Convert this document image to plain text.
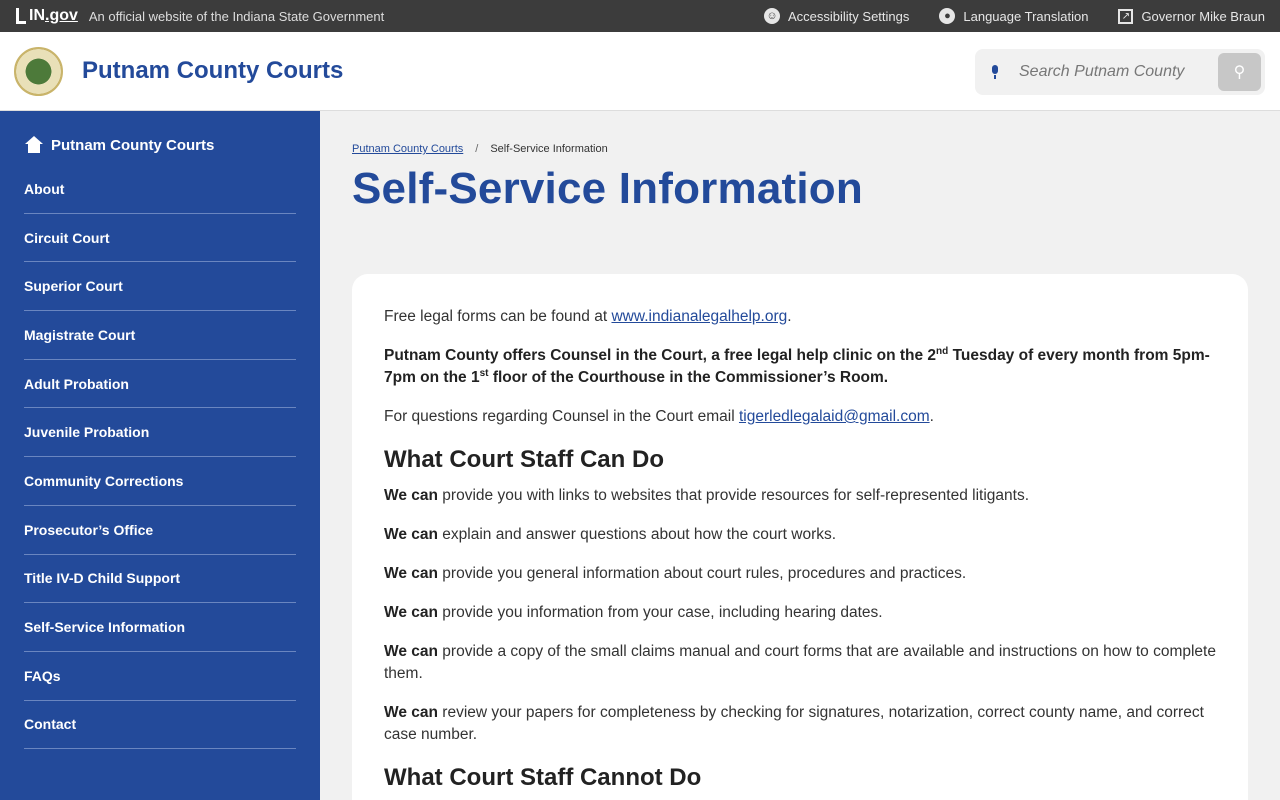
IN .gov An official website of the Indiana State Government	☺ Accessibility Settings	● Language Translation	↗ Governor Mike Braun
Putnam County Courts
Search Putnam County	⚲
Putnam County Courts
About
Circuit Court
Superior Court
Magistrate Court
Adult Probation
Juvenile Probation
Community Corrections
Prosecutor’s Office
Title IV-D Child Support
Self-Service Information
FAQs
Contact
Putnam County Courts / Self-Service Information
Self-Service Information

Free legal forms can be found at www.indianalegalhelp.org.

Putnam County offers Counsel in the Court, a free legal help clinic on the 2nd Tuesday of every month from 5pm-7pm on the 1st floor of the Courthouse in the Commissioner’s Room.

For questions regarding Counsel in the Court email tigerledlegalaid@gmail.com.

What Court Staff Can Do

We can provide you with links to websites that provide resources for self-represented litigants.

We can explain and answer questions about how the court works.

We can provide you general information about court rules, procedures and practices.

We can provide you information from your case, including hearing dates.

We can provide a copy of the small claims manual and court forms that are available and instructions on how to complete them.

We can review your papers for completeness by checking for signatures, notarization, correct county name, and correct case number.

What Court Staff Cannot Do
